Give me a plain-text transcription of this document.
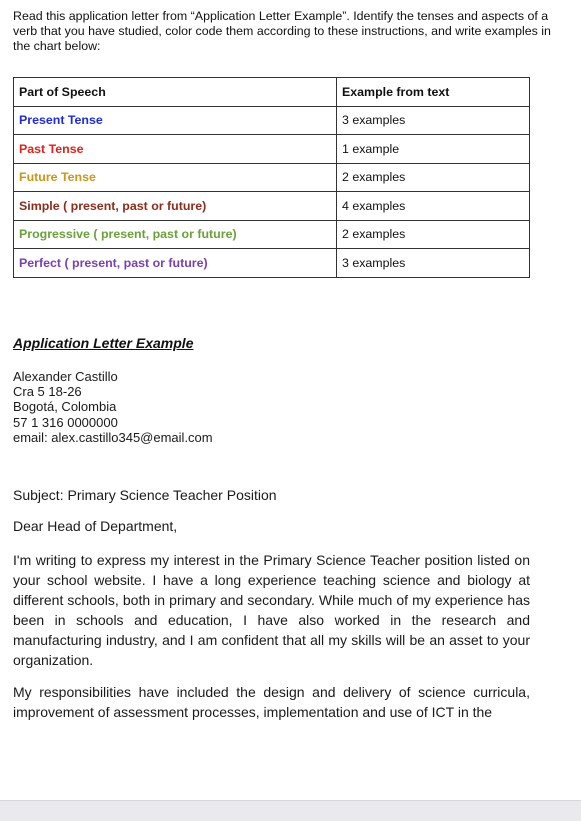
Read this application letter from “Application Letter Example”. Identify the tenses and aspects of a verb that you have studied, color code them according to these instructions, and write examples in the chart below:
Part of Speech	Example from text
Present Tense	3 examples
Past Tense	1 example
Future Tense	2 examples
Simple ( present, past or future)	4 examples
Progressive ( present, past or future)	2 examples
Perfect ( present, past or future)	3 examples
Application Letter Example
Alexander Castillo
Cra 5 18-26
Bogotá, Colombia
57 1 316 0000000
email: alex.castillo345@email.com
Subject: Primary Science Teacher Position
Dear Head of Department,
I'm writing to express my interest in the Primary Science Teacher position listed on your school website. I have a long experience teaching science and biology at different schools, both in primary and secondary. While much of my experience has been in schools and education, I have also worked in the research and manufacturing industry, and I am confident that all my skills will be an asset to your organization.
My responsibilities have included the design and delivery of science curricula, improvement of assessment processes, implementation and use of ICT in the
